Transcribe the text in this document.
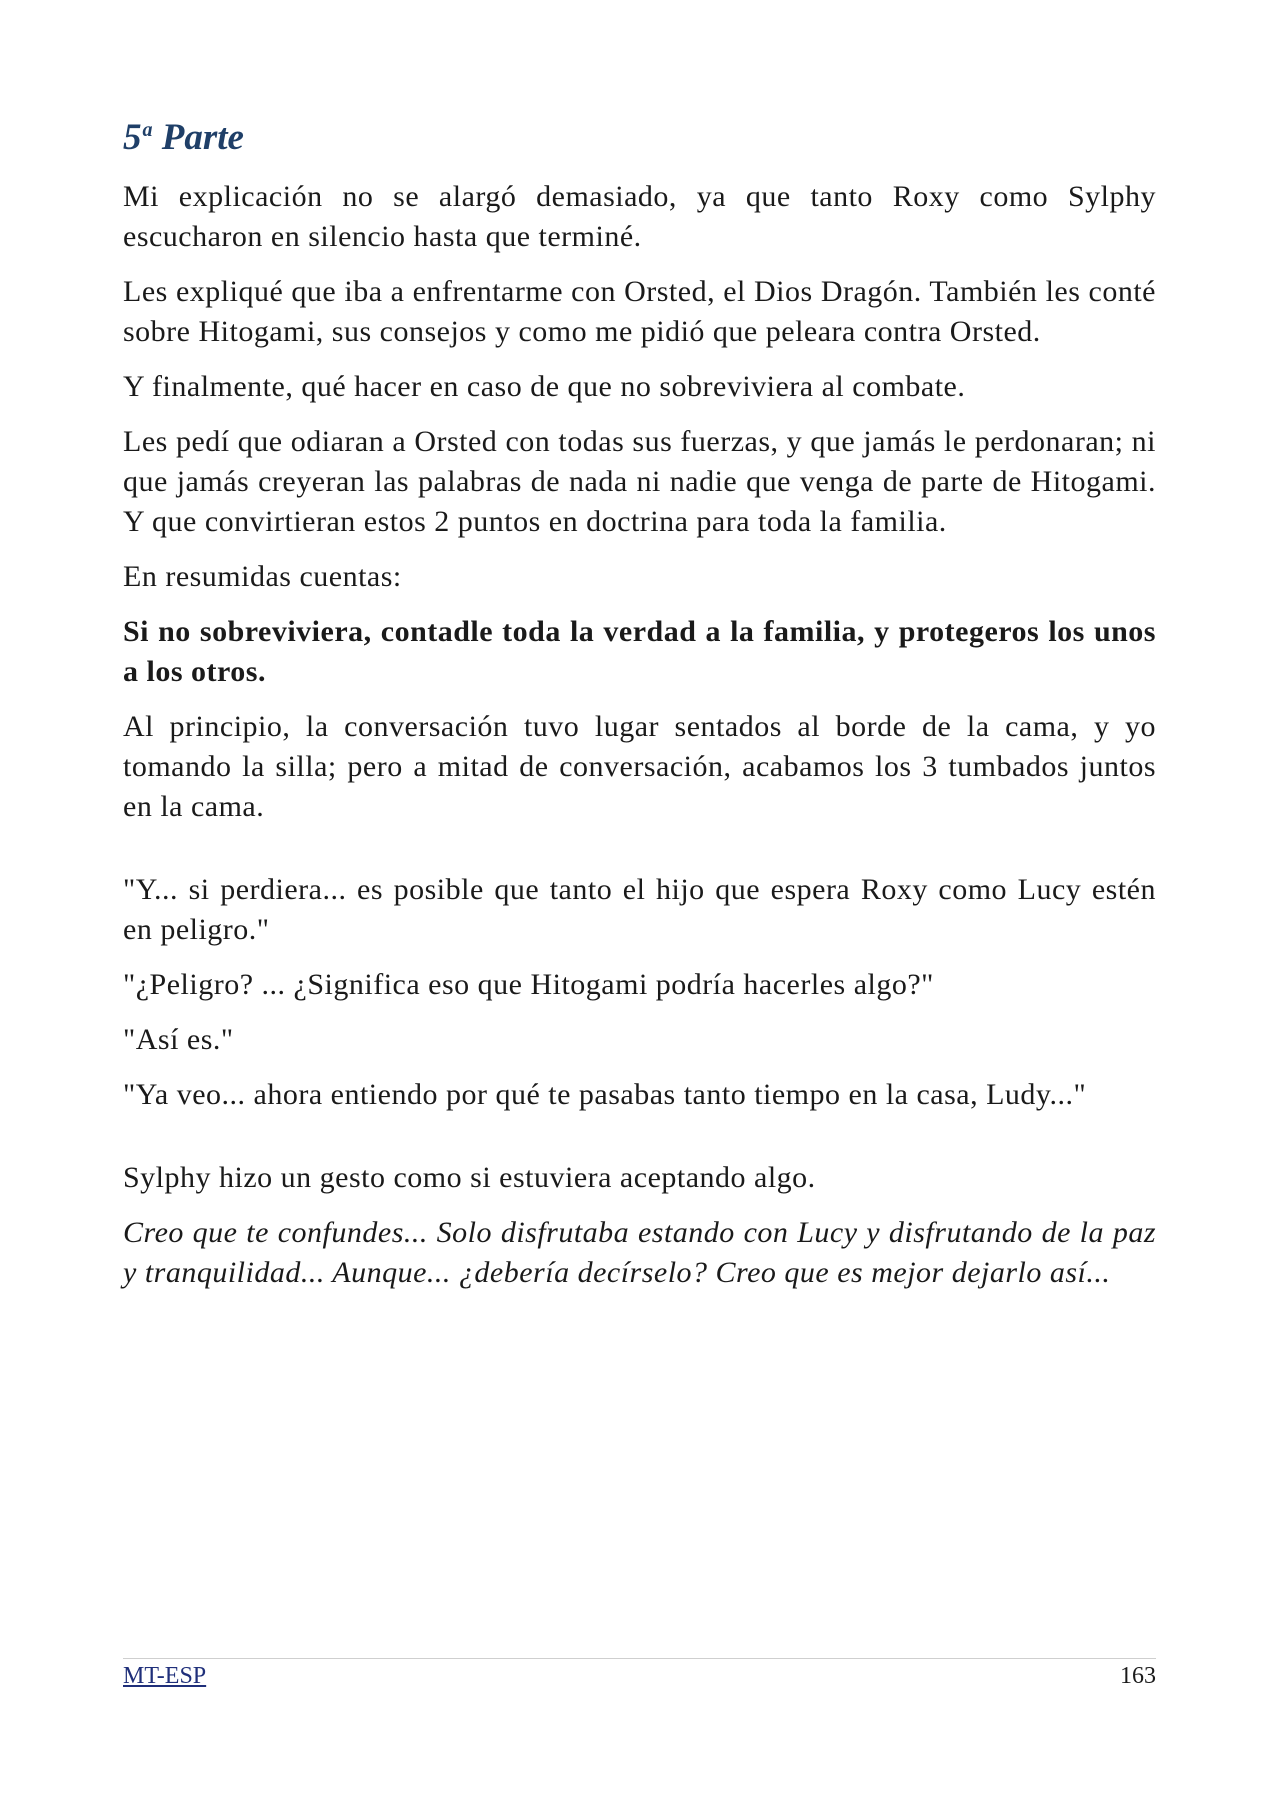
5$^a$ Parte

Mi explicación no se alargó demasiado, ya que tanto Roxy como Sylphy escucharon en silencio hasta que terminé.

Les expliqué que iba a enfrentarme con Orsted, el Dios Dragón. También les conté sobre Hitogami, sus consejos y como me pidió que peleara contra Orsted.

Y finalmente, qué hacer en caso de que no sobreviviera al combate.

Les pedí que odiaran a Orsted con todas sus fuerzas, y que jamás le perdonaran; ni que jamás creyeran las palabras de nada ni nadie que venga de parte de Hitogami. Y que convirtieran estos 2 puntos en doctrina para toda la familia.

En resumidas cuentas:

Si no sobreviviera, contadle toda la verdad a la familia, y protegeros los unos a los otros.

Al principio, la conversación tuvo lugar sentados al borde de la cama, y yo tomando la silla; pero a mitad de conversación, acabamos los 3 tumbados juntos en la cama.

"Y... si perdiera... es posible que tanto el hijo que espera Roxy como Lucy estén en peligro."

"¿Peligro? ... ¿Significa eso que Hitogami podría hacerles algo?"

"Así es."

"Ya veo... ahora entiendo por qué te pasabas tanto tiempo en la casa, Ludy..."

Sylphy hizo un gesto como si estuviera aceptando algo.

Creo que te confundes... Solo disfrutaba estando con Lucy y disfrutando de la paz y tranquilidad... Aunque... ¿debería decírselo? Creo que es mejor dejarlo así...

MT-ESP	163
